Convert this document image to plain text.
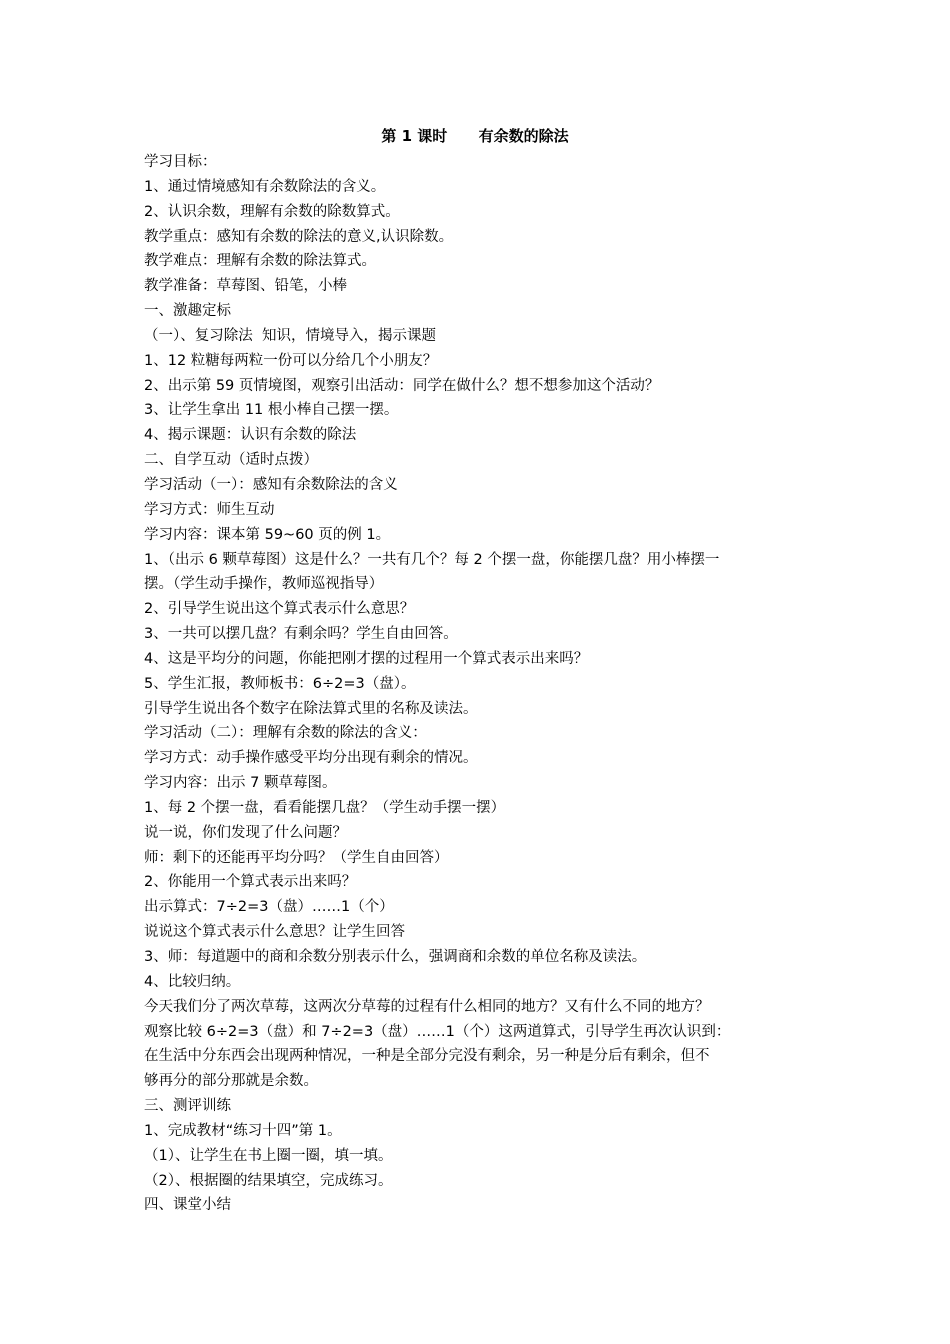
第 1 课时      有余数的除法
学习目标：
1、通过情境感知有余数除法的含义。
2、认识余数，理解有余数的除数算式。
教学重点：感知有余数的除法的意义,认识除数。
教学难点：理解有余数的除法算式。
教学准备：草莓图、铅笔，小棒
一、激趣定标
（一）、复习除法  知识，情境导入，揭示课题
1、12 粒糖每两粒一份可以分给几个小朋友？
2、出示第 59 页情境图，观察引出活动：同学在做什么？想不想参加这个活动？
3、让学生拿出 11 根小棒自己摆一摆。
4、揭示课题：认识有余数的除法
二、自学互动（适时点拨）
学习活动（一）：感知有余数除法的含义
学习方式：师生互动
学习内容：课本第 59~60 页的例 1。
1、（出示 6 颗草莓图）这是什么？一共有几个？每 2 个摆一盘，你能摆几盘？用小棒摆一
摆。（学生动手操作，教师巡视指导）
2、引导学生说出这个算式表示什么意思？
3、一共可以摆几盘？有剩余吗？学生自由回答。
4、这是平均分的问题，你能把刚才摆的过程用一个算式表示出来吗？
5、学生汇报，教师板书：6÷2=3（盘）。
引导学生说出各个数字在除法算式里的名称及读法。
学习活动（二）：理解有余数的除法的含义：
学习方式：动手操作感受平均分出现有剩余的情况。
学习内容：出示 7 颗草莓图。
1、每 2 个摆一盘，看看能摆几盘？（学生动手摆一摆）
说一说，你们发现了什么问题？
师：剩下的还能再平均分吗？（学生自由回答）
2、你能用一个算式表示出来吗？
出示算式：7÷2=3（盘）……1（个）
说说这个算式表示什么意思？让学生回答
3、师：每道题中的商和余数分别表示什么，强调商和余数的单位名称及读法。
4、比较归纳。
今天我们分了两次草莓，这两次分草莓的过程有什么相同的地方？又有什么不同的地方？
观察比较 6÷2=3（盘）和 7÷2=3（盘）……1（个）这两道算式，引导学生再次认识到：
在生活中分东西会出现两种情况，一种是全部分完没有剩余，另一种是分后有剩余，但不
够再分的部分那就是余数。
三、测评训练
1、完成教材“练习十四”第 1。
（1）、让学生在书上圈一圈，填一填。
（2）、根据圈的结果填空，完成练习。
四、课堂小结
